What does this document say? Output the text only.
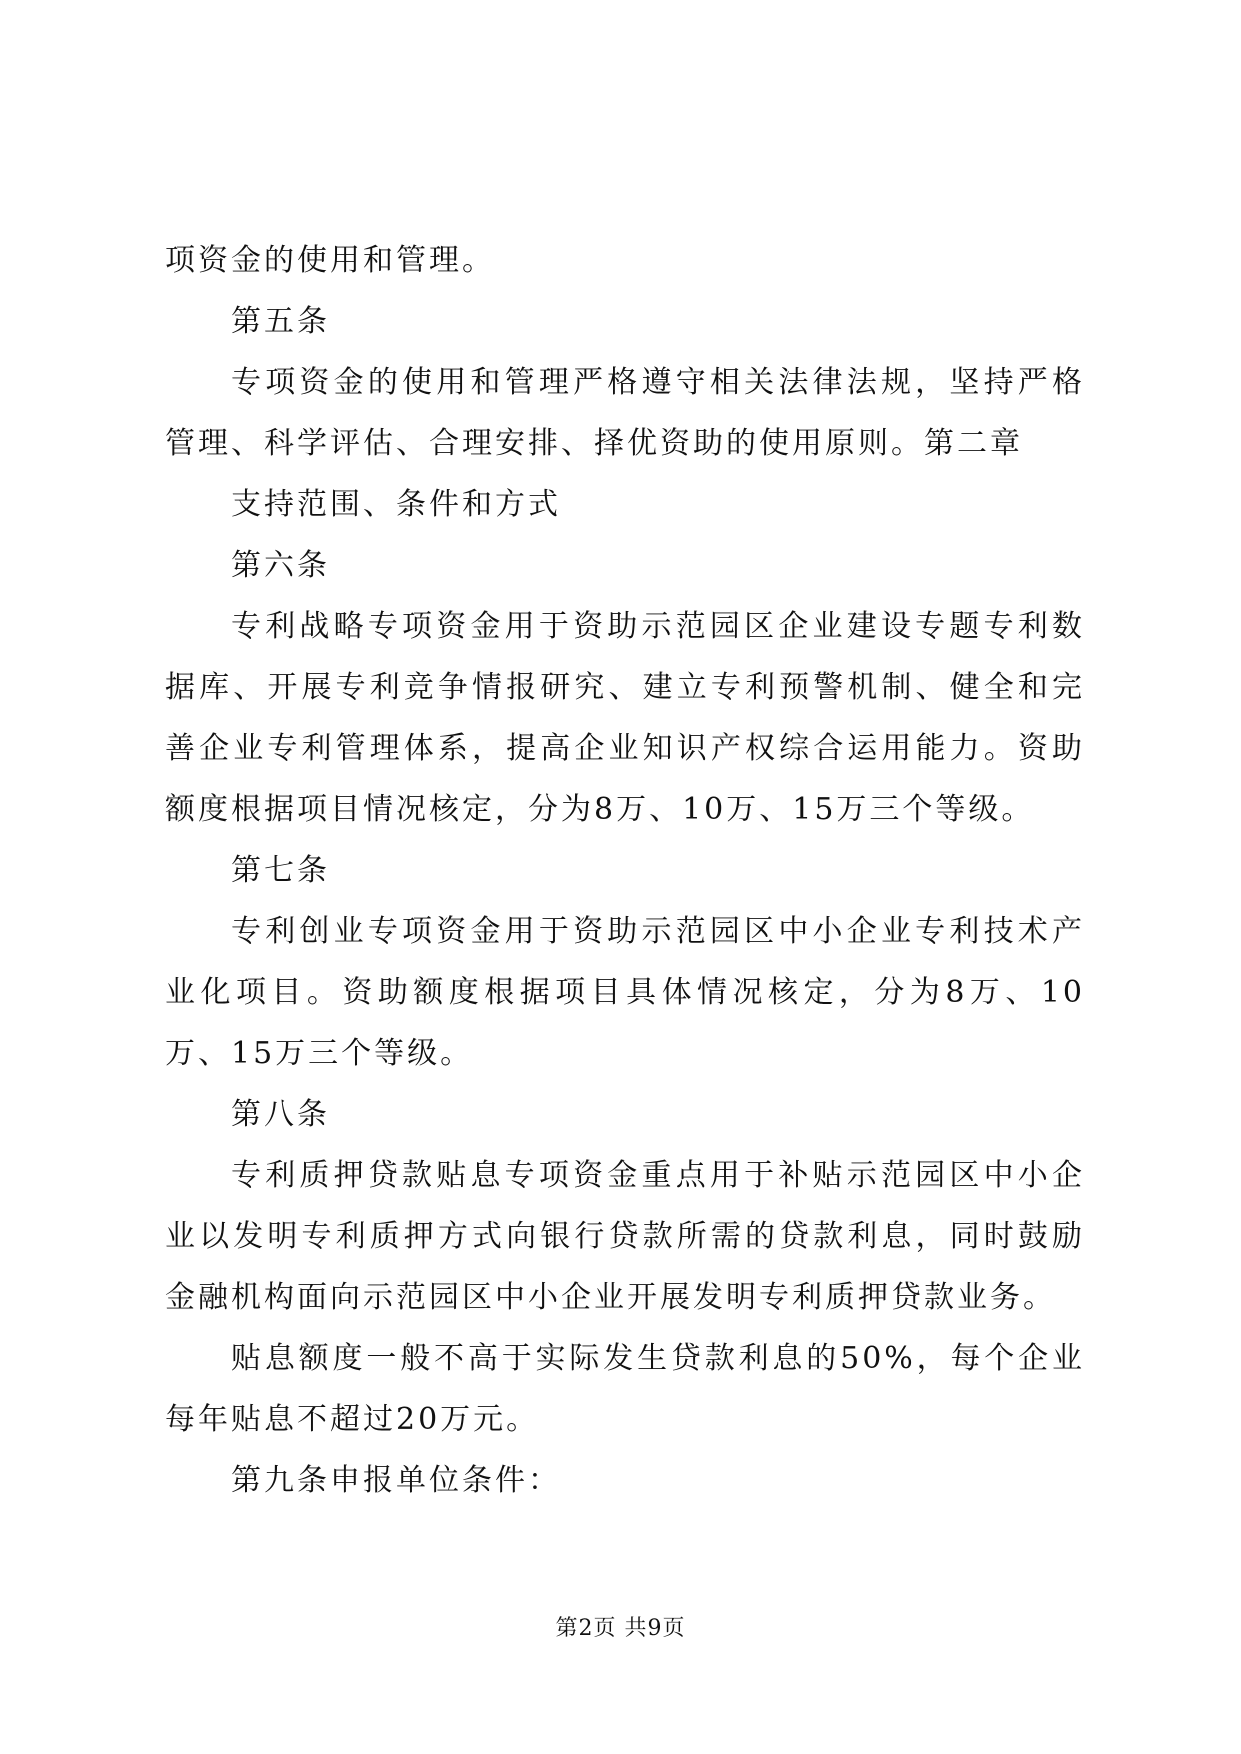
项资金的使用和管理。

第五条

专项资金的使用和管理严格遵守相关法律法规，坚持严格管理、科学评估、合理安排、择优资助的使用原则。第二章

支持范围、条件和方式

第六条

专利战略专项资金用于资助示范园区企业建设专题专利数据库、开展专利竞争情报研究、建立专利预警机制、健全和完善企业专利管理体系，提高企业知识产权综合运用能力。资助额度根据项目情况核定，分为8万、10万、15万三个等级。

第七条

专利创业专项资金用于资助示范园区中小企业专利技术产业化项目。资助额度根据项目具体情况核定，分为8万、10万、15万三个等级。

第八条

专利质押贷款贴息专项资金重点用于补贴示范园区中小企业以发明专利质押方式向银行贷款所需的贷款利息，同时鼓励金融机构面向示范园区中小企业开展发明专利质押贷款业务。

贴息额度一般不高于实际发生贷款利息的50%，每个企业每年贴息不超过20万元。

第九条申报单位条件：

第2页 共9页
